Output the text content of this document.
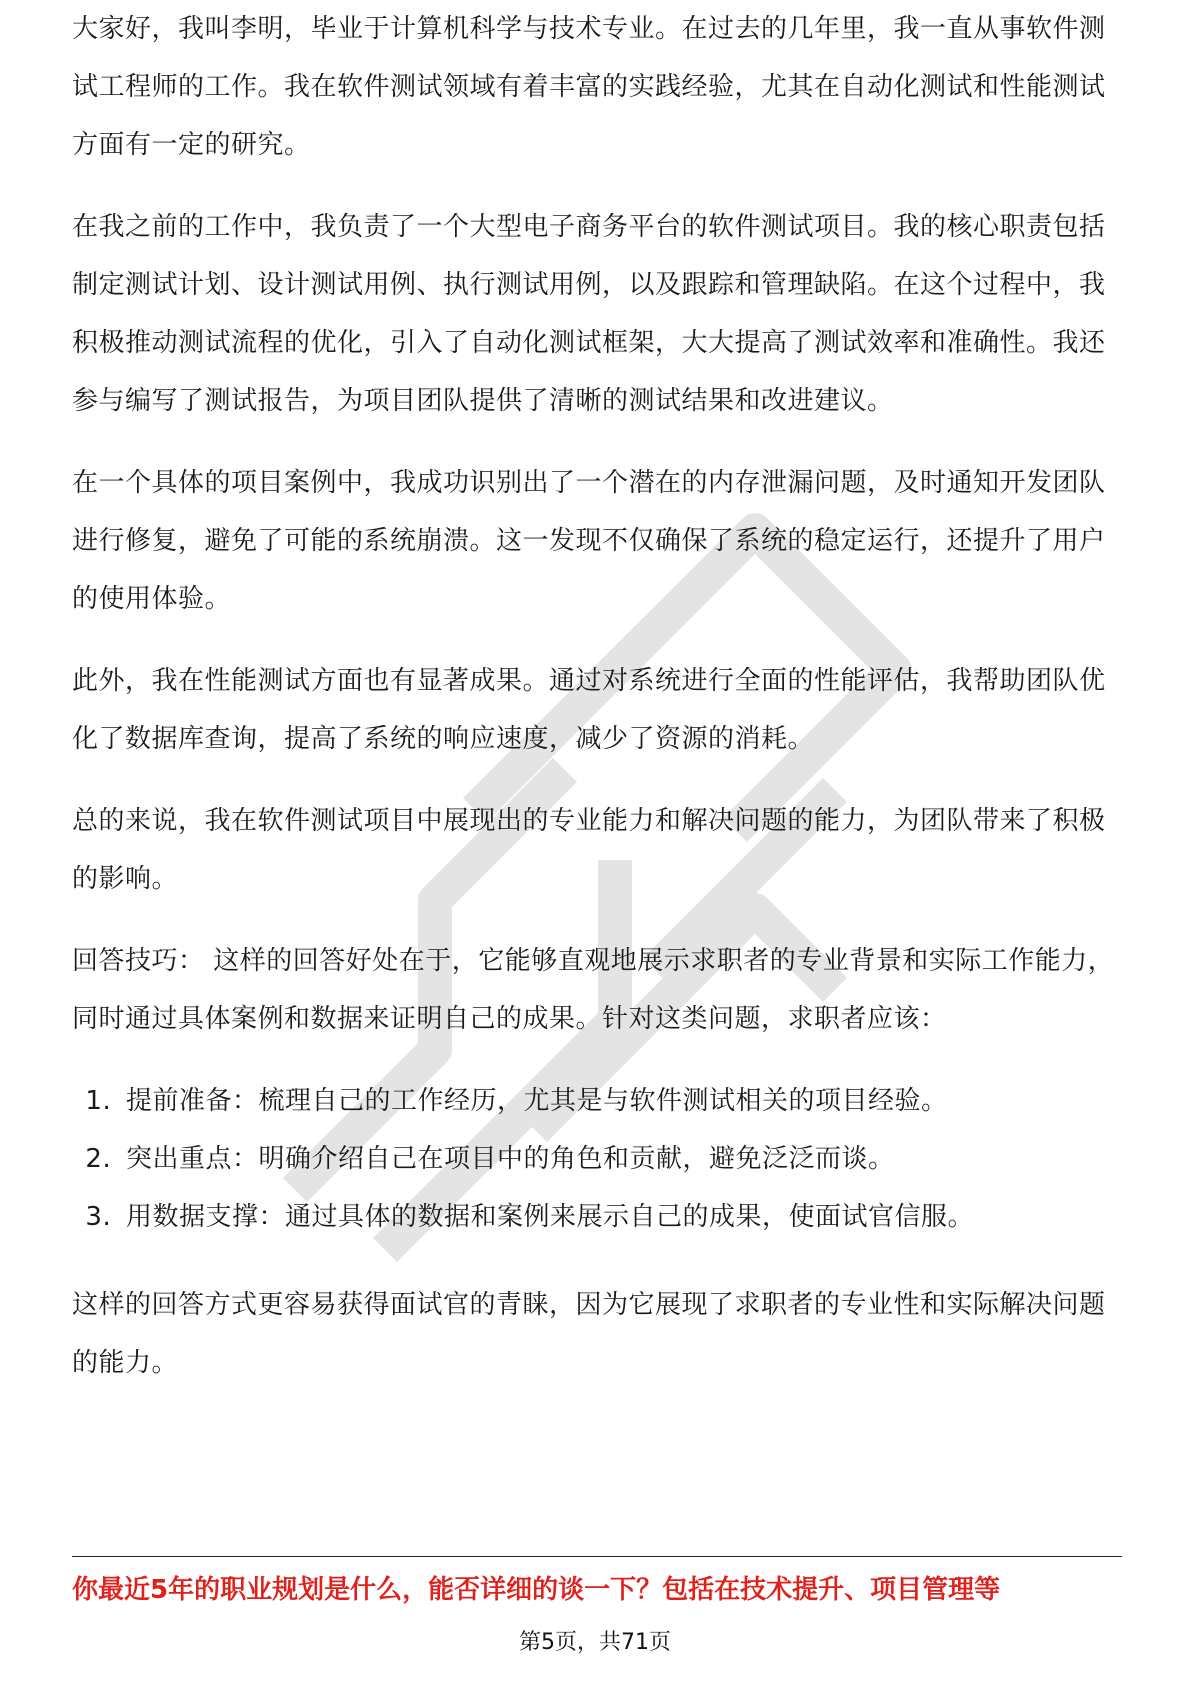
大家好，我叫李明，毕业于计算机科学与技术专业。在过去的几年里，我一直从事软件测试工程师的工作。我在软件测试领域有着丰富的实践经验，尤其在自动化测试和性能测试方面有一定的研究。

在我之前的工作中，我负责了一个大型电子商务平台的软件测试项目。我的核心职责包括制定测试计划、设计测试用例、执行测试用例，以及跟踪和管理缺陷。在这个过程中，我积极推动测试流程的优化，引入了自动化测试框架，大大提高了测试效率和准确性。我还参与编写了测试报告，为项目团队提供了清晰的测试结果和改进建议。

在一个具体的项目案例中，我成功识别出了一个潜在的内存泄漏问题，及时通知开发团队进行修复，避免了可能的系统崩溃。这一发现不仅确保了系统的稳定运行，还提升了用户的使用体验。

此外，我在性能测试方面也有显著成果。通过对系统进行全面的性能评估，我帮助团队优化了数据库查询，提高了系统的响应速度，减少了资源的消耗。

总的来说，我在软件测试项目中展现出的专业能力和解决问题的能力，为团队带来了积极的影响。

回答技巧： 这样的回答好处在于，它能够直观地展示求职者的专业背景和实际工作能力，同时通过具体案例和数据来证明自己的成果。针对这类问题，求职者应该：

1. 提前准备：梳理自己的工作经历，尤其是与软件测试相关的项目经验。
2. 突出重点：明确介绍自己在项目中的角色和贡献，避免泛泛而谈。
3. 用数据支撑：通过具体的数据和案例来展示自己的成果，使面试官信服。

这样的回答方式更容易获得面试官的青睐，因为它展现了求职者的专业性和实际解决问题的能力。

你最近5年的职业规划是什么，能否详细的谈一下？包括在技术提升、项目管理等
第5页，共71页
